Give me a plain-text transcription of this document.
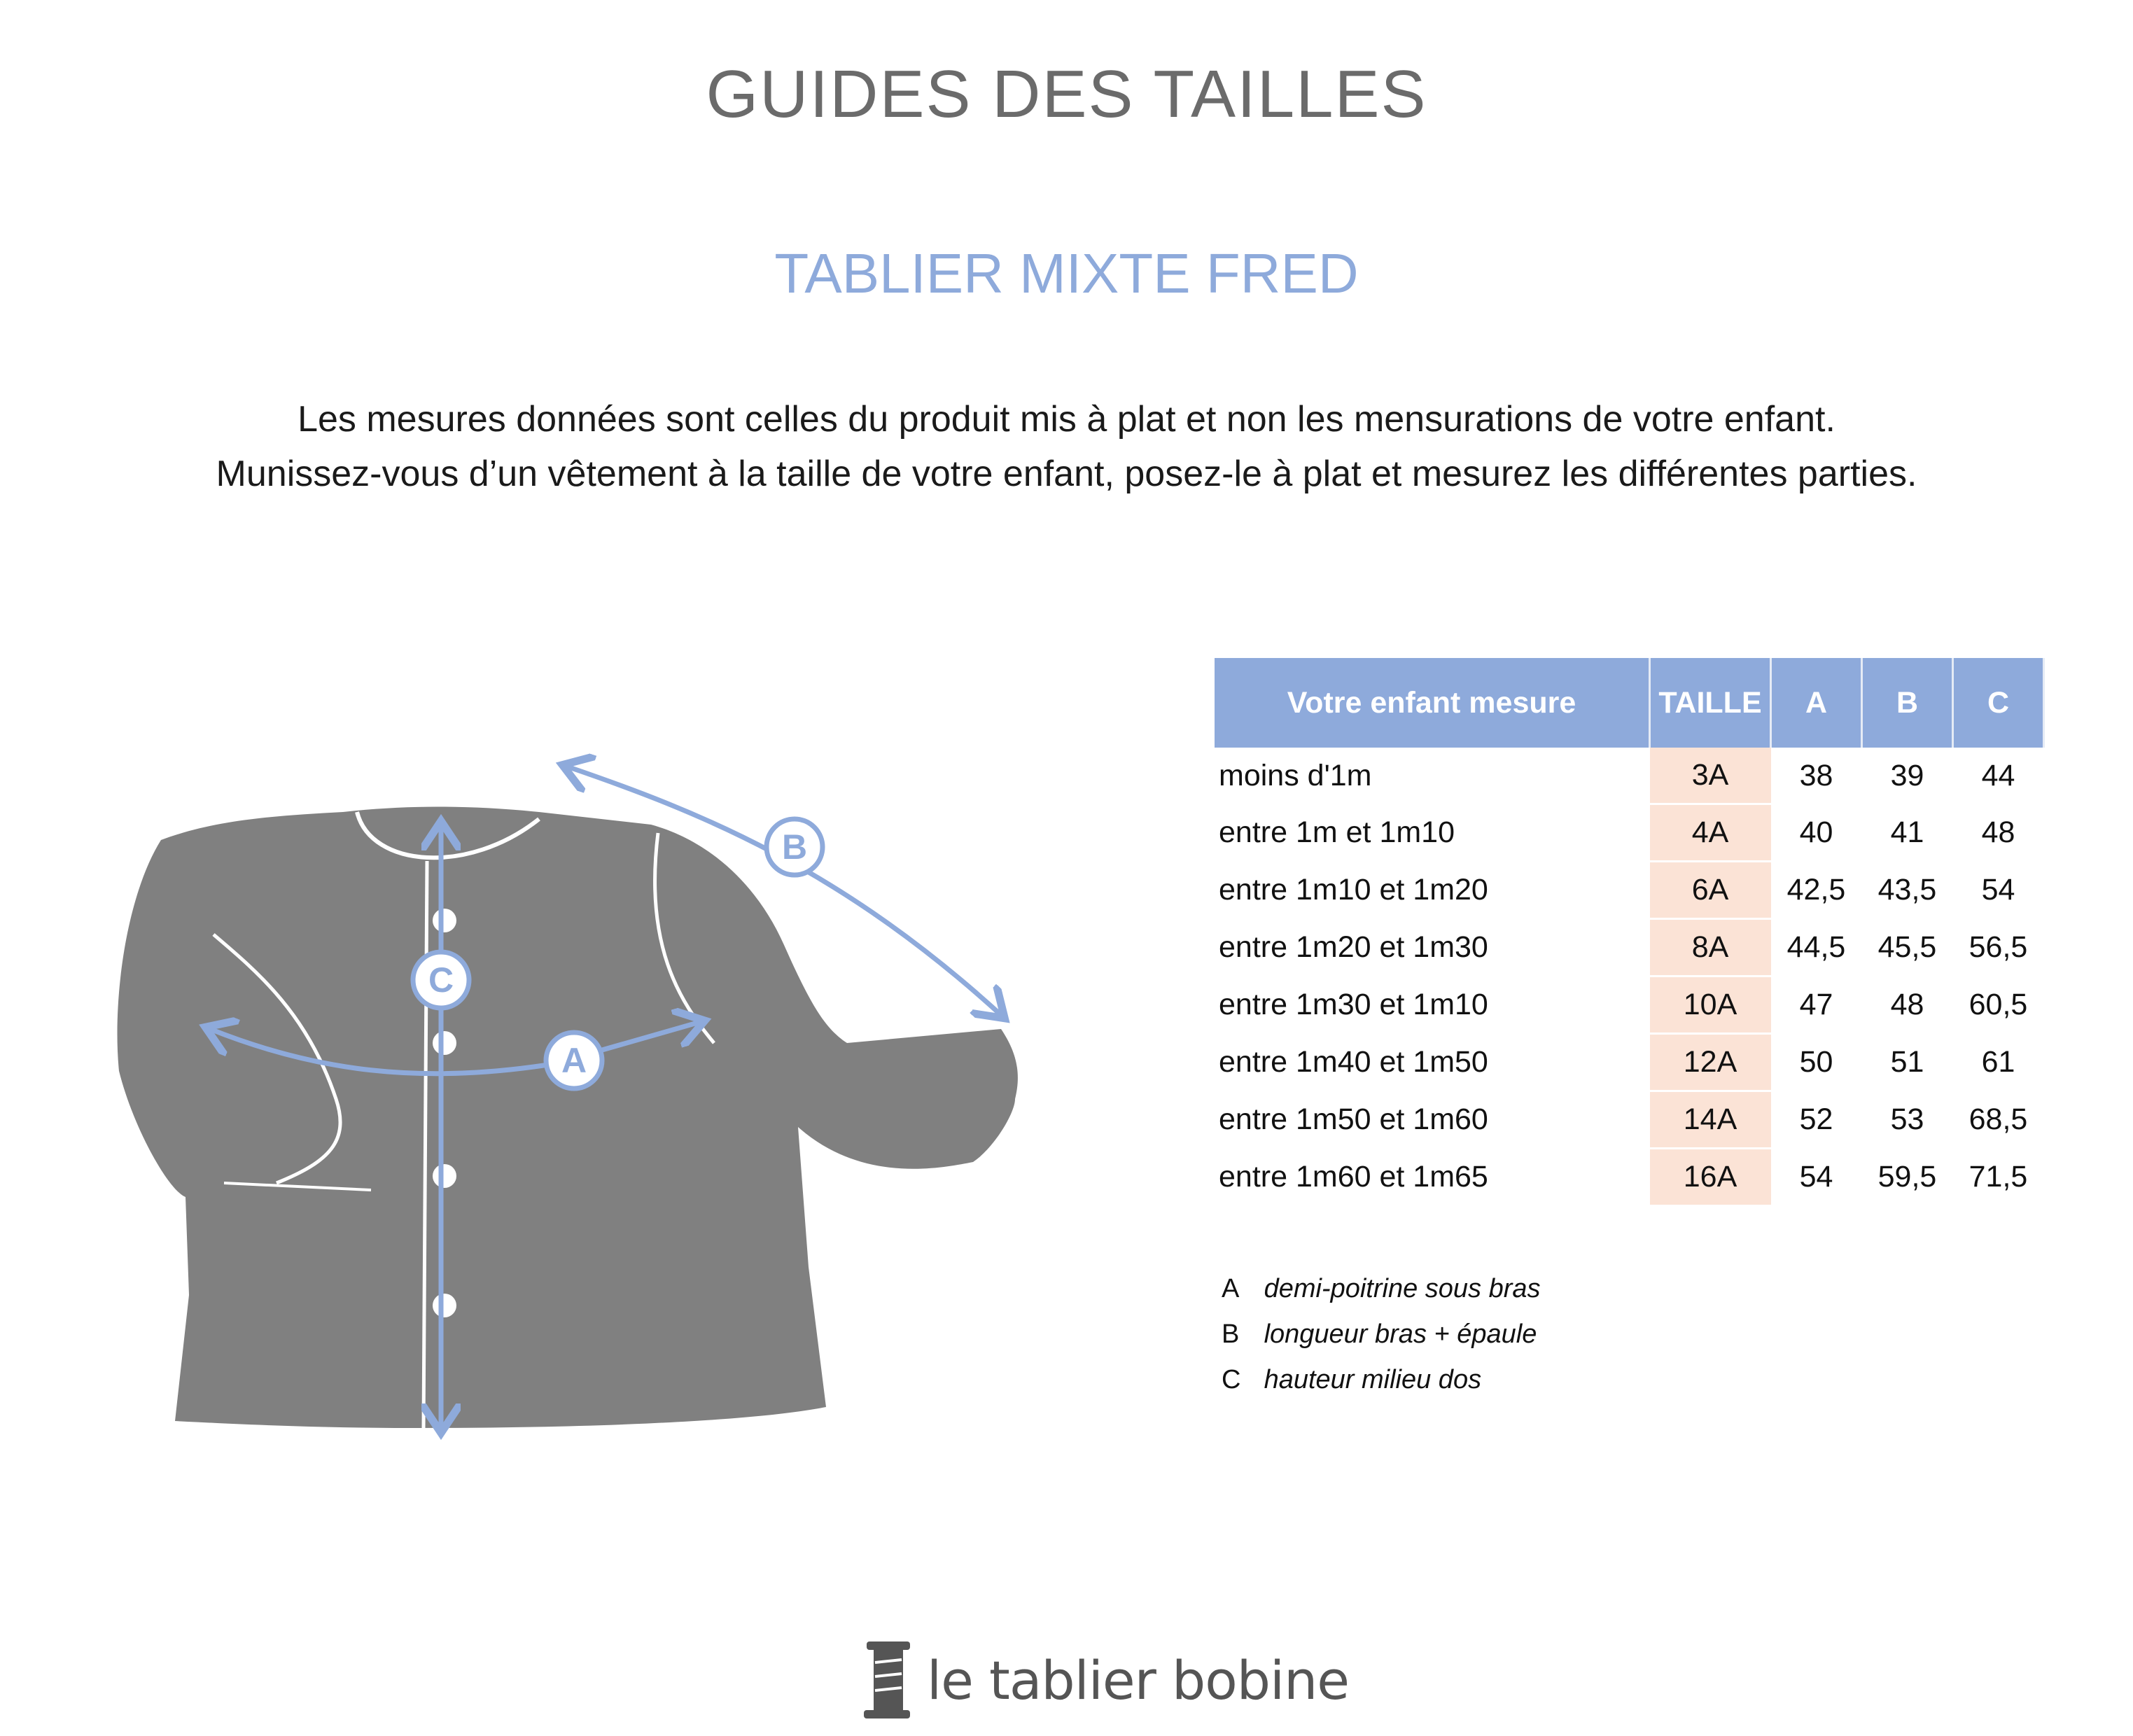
GUIDES DES TAILLES
TABLIER MIXTE FRED
Les mesures données sont celles du produit mis à plat et non les mensurations de votre enfant.
Munissez-vous d’un vêtement à la taille de votre enfant, posez-le à plat et mesurez les différentes parties.
C
A
B
Votre enfant mesure	TAILLE	A	B	C
moins d'1m	3A	38	39	44
entre 1m et 1m10	4A	40	41	48
entre 1m10 et 1m20	6A	42,5	43,5	54
entre 1m20 et 1m30	8A	44,5	45,5	56,5
entre 1m30 et 1m10	10A	47	48	60,5
entre 1m40 et 1m50	12A	50	51	61
entre 1m50 et 1m60	14A	52	53	68,5
entre 1m60 et 1m65	16A	54	59,5	71,5
A demi-poitrine sous bras
B longueur bras + épaule
C hauteur milieu dos
le tablier bobine
